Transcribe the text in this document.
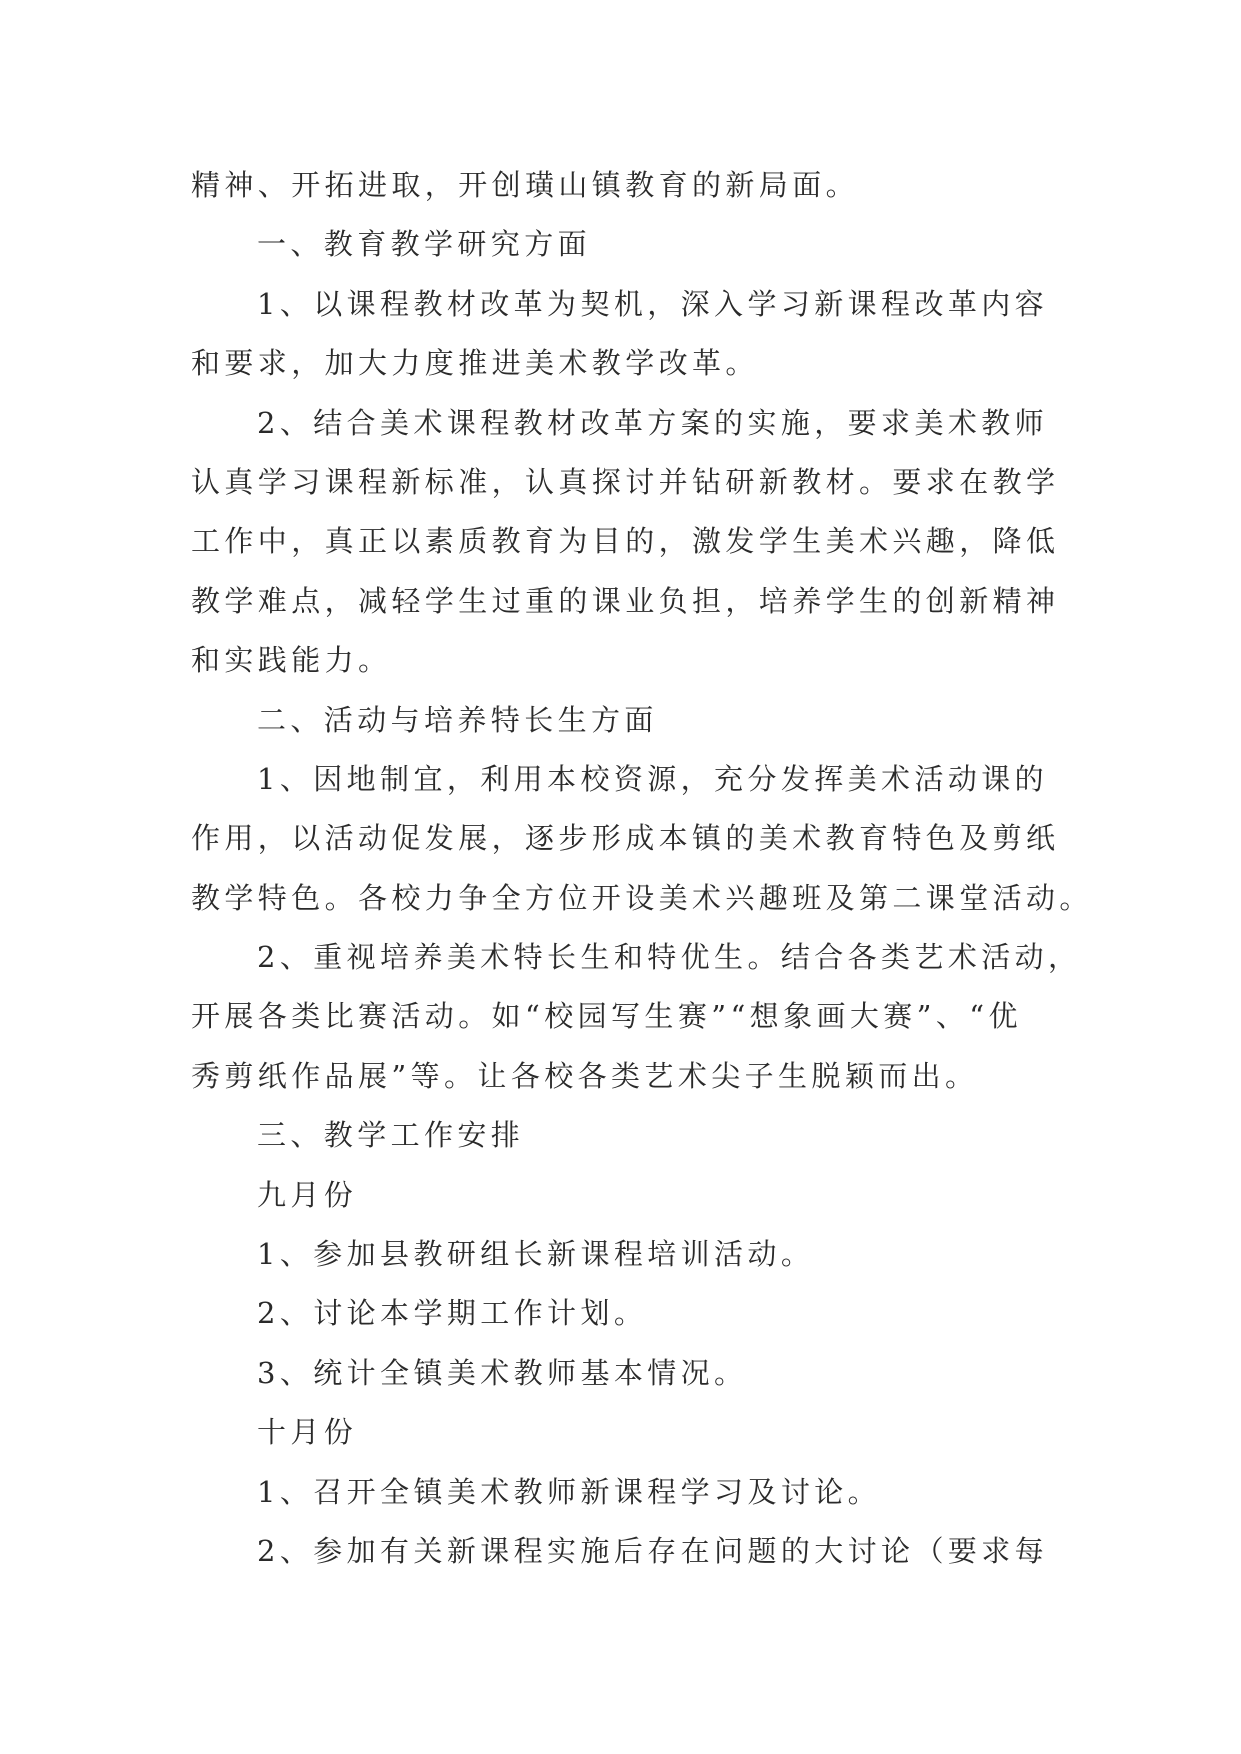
精神、开拓进取，开创璜山镇教育的新局面。
一、教育教学研究方面
1、以课程教材改革为契机，深入学习新课程改革内容
和要求，加大力度推进美术教学改革。
2、结合美术课程教材改革方案的实施，要求美术教师
认真学习课程新标准，认真探讨并钻研新教材。要求在教学
工作中，真正以素质教育为目的，激发学生美术兴趣，降低
教学难点，减轻学生过重的课业负担，培养学生的创新精神
和实践能力。
二、活动与培养特长生方面
1、因地制宜，利用本校资源，充分发挥美术活动课的
作用，以活动促发展，逐步形成本镇的美术教育特色及剪纸
教学特色。各校力争全方位开设美术兴趣班及第二课堂活动。
2、重视培养美术特长生和特优生。结合各类艺术活动，
开展各类比赛活动。如“校园写生赛”“想象画大赛”、“优
秀剪纸作品展”等。让各校各类艺术尖子生脱颖而出。
三、教学工作安排
九月份
1、参加县教研组长新课程培训活动。
2、讨论本学期工作计划。
3、统计全镇美术教师基本情况。
十月份
1、召开全镇美术教师新课程学习及讨论。
2、参加有关新课程实施后存在问题的大讨论（要求每
